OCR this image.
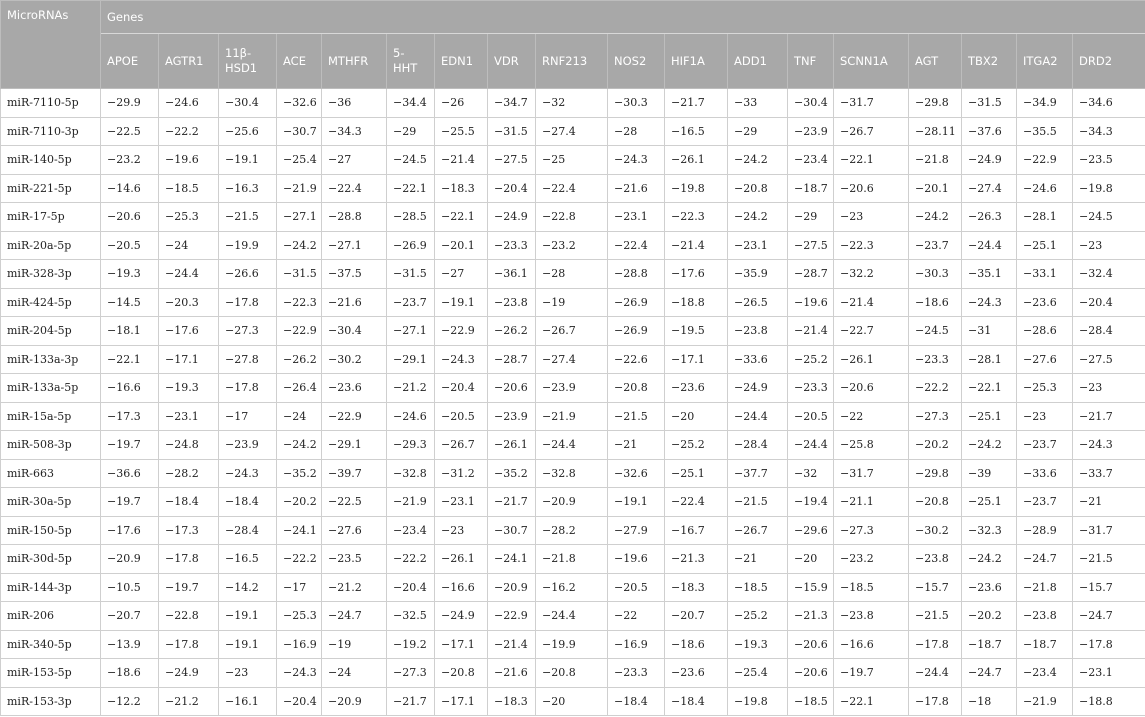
MicroRNAs	Genes																	
	APOE	AGTR1	11β-HSD1	ACE	MTHFR	5-HHT	EDN1	VDR	RNF213	NOS2	HIF1A	ADD1	TNF	SCNN1A	AGT	TBX2	ITGA2	DRD2
miR-7110-5p	−29.9	−24.6	−30.4	−32.6	−36	−34.4	−26	−34.7	−32	−30.3	−21.7	−33	−30.4	−31.7	−29.8	−31.5	−34.9	−34.6
miR-7110-3p	−22.5	−22.2	−25.6	−30.7	−34.3	−29	−25.5	−31.5	−27.4	−28	−16.5	−29	−23.9	−26.7	−28.11	−37.6	−35.5	−34.3
miR-140-5p	−23.2	−19.6	−19.1	−25.4	−27	−24.5	−21.4	−27.5	−25	−24.3	−26.1	−24.2	−23.4	−22.1	−21.8	−24.9	−22.9	−23.5
miR-221-5p	−14.6	−18.5	−16.3	−21.9	−22.4	−22.1	−18.3	−20.4	−22.4	−21.6	−19.8	−20.8	−18.7	−20.6	−20.1	−27.4	−24.6	−19.8
miR-17-5p	−20.6	−25.3	−21.5	−27.1	−28.8	−28.5	−22.1	−24.9	−22.8	−23.1	−22.3	−24.2	−29	−23	−24.2	−26.3	−28.1	−24.5
miR-20a-5p	−20.5	−24	−19.9	−24.2	−27.1	−26.9	−20.1	−23.3	−23.2	−22.4	−21.4	−23.1	−27.5	−22.3	−23.7	−24.4	−25.1	−23
miR-328-3p	−19.3	−24.4	−26.6	−31.5	−37.5	−31.5	−27	−36.1	−28	−28.8	−17.6	−35.9	−28.7	−32.2	−30.3	−35.1	−33.1	−32.4
miR-424-5p	−14.5	−20.3	−17.8	−22.3	−21.6	−23.7	−19.1	−23.8	−19	−26.9	−18.8	−26.5	−19.6	−21.4	−18.6	−24.3	−23.6	−20.4
miR-204-5p	−18.1	−17.6	−27.3	−22.9	−30.4	−27.1	−22.9	−26.2	−26.7	−26.9	−19.5	−23.8	−21.4	−22.7	−24.5	−31	−28.6	−28.4
miR-133a-3p	−22.1	−17.1	−27.8	−26.2	−30.2	−29.1	−24.3	−28.7	−27.4	−22.6	−17.1	−33.6	−25.2	−26.1	−23.3	−28.1	−27.6	−27.5
miR-133a-5p	−16.6	−19.3	−17.8	−26.4	−23.6	−21.2	−20.4	−20.6	−23.9	−20.8	−23.6	−24.9	−23.3	−20.6	−22.2	−22.1	−25.3	−23
miR-15a-5p	−17.3	−23.1	−17	−24	−22.9	−24.6	−20.5	−23.9	−21.9	−21.5	−20	−24.4	−20.5	−22	−27.3	−25.1	−23	−21.7
miR-508-3p	−19.7	−24.8	−23.9	−24.2	−29.1	−29.3	−26.7	−26.1	−24.4	−21	−25.2	−28.4	−24.4	−25.8	−20.2	−24.2	−23.7	−24.3
miR-663	−36.6	−28.2	−24.3	−35.2	−39.7	−32.8	−31.2	−35.2	−32.8	−32.6	−25.1	−37.7	−32	−31.7	−29.8	−39	−33.6	−33.7
miR-30a-5p	−19.7	−18.4	−18.4	−20.2	−22.5	−21.9	−23.1	−21.7	−20.9	−19.1	−22.4	−21.5	−19.4	−21.1	−20.8	−25.1	−23.7	−21
miR-150-5p	−17.6	−17.3	−28.4	−24.1	−27.6	−23.4	−23	−30.7	−28.2	−27.9	−16.7	−26.7	−29.6	−27.3	−30.2	−32.3	−28.9	−31.7
miR-30d-5p	−20.9	−17.8	−16.5	−22.2	−23.5	−22.2	−26.1	−24.1	−21.8	−19.6	−21.3	−21	−20	−23.2	−23.8	−24.2	−24.7	−21.5
miR-144-3p	−10.5	−19.7	−14.2	−17	−21.2	−20.4	−16.6	−20.9	−16.2	−20.5	−18.3	−18.5	−15.9	−18.5	−15.7	−23.6	−21.8	−15.7
miR-206	−20.7	−22.8	−19.1	−25.3	−24.7	−32.5	−24.9	−22.9	−24.4	−22	−20.7	−25.2	−21.3	−23.8	−21.5	−20.2	−23.8	−24.7
miR-340-5p	−13.9	−17.8	−19.1	−16.9	−19	−19.2	−17.1	−21.4	−19.9	−16.9	−18.6	−19.3	−20.6	−16.6	−17.8	−18.7	−18.7	−17.8
miR-153-5p	−18.6	−24.9	−23	−24.3	−24	−27.3	−20.8	−21.6	−20.8	−23.3	−23.6	−25.4	−20.6	−19.7	−24.4	−24.7	−23.4	−23.1
miR-153-3p	−12.2	−21.2	−16.1	−20.4	−20.9	−21.7	−17.1	−18.3	−20	−18.4	−18.4	−19.8	−18.5	−22.1	−17.8	−18	−21.9	−18.8
